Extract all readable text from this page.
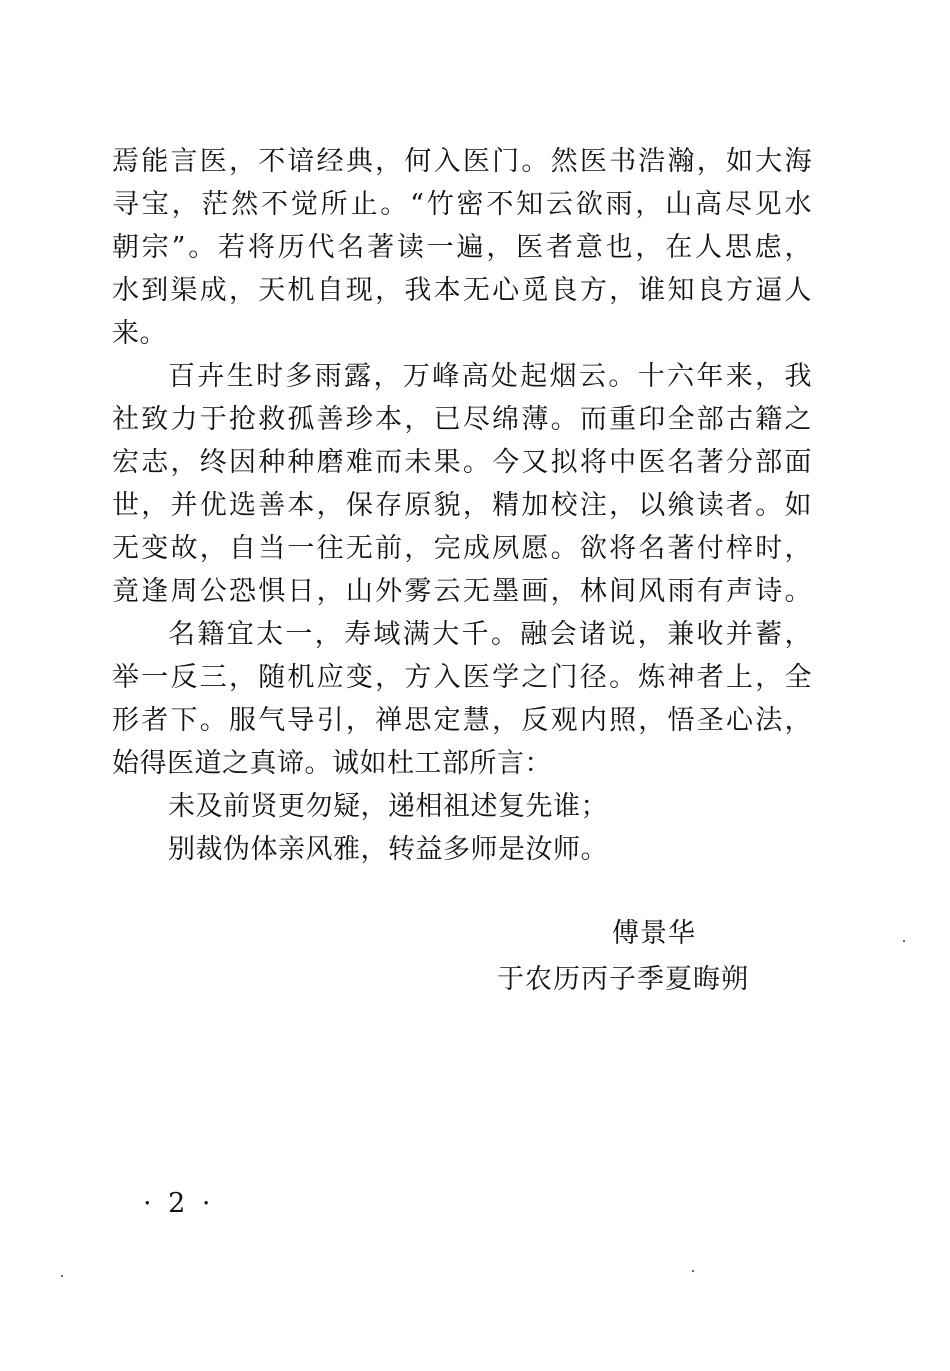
焉能言医，不谙经典，何入医门。然医书浩瀚，如大海
寻宝，茫然不觉所止。“竹密不知云欲雨，山高尽见水
朝宗”。若将历代名著读一遍，医者意也，在人思虑，
水到渠成，天机自现，我本无心觅良方，谁知良方逼人
来。
百卉生时多雨露，万峰高处起烟云。十六年来，我
社致力于抢救孤善珍本，已尽绵薄。而重印全部古籍之
宏志，终因种种磨难而未果。今又拟将中医名著分部面
世，并优选善本，保存原貌，精加校注，以飨读者。如
无变故，自当一往无前，完成夙愿。欲将名著付梓时，
竟逢周公恐惧日，山外雾云无墨画，林间风雨有声诗。
名籍宜太一，寿域满大千。融会诸说，兼收并蓄，
举一反三，随机应变，方入医学之门径。炼神者上，全
形者下。服气导引，禅思定慧，反观内照，悟圣心法，
始得医道之真谛。诚如杜工部所言：
未及前贤更勿疑，递相祖述复先谁；
别裁伪体亲风雅，转益多师是汝师。
傅景华
于农历丙子季夏晦朔
· 2 ·
